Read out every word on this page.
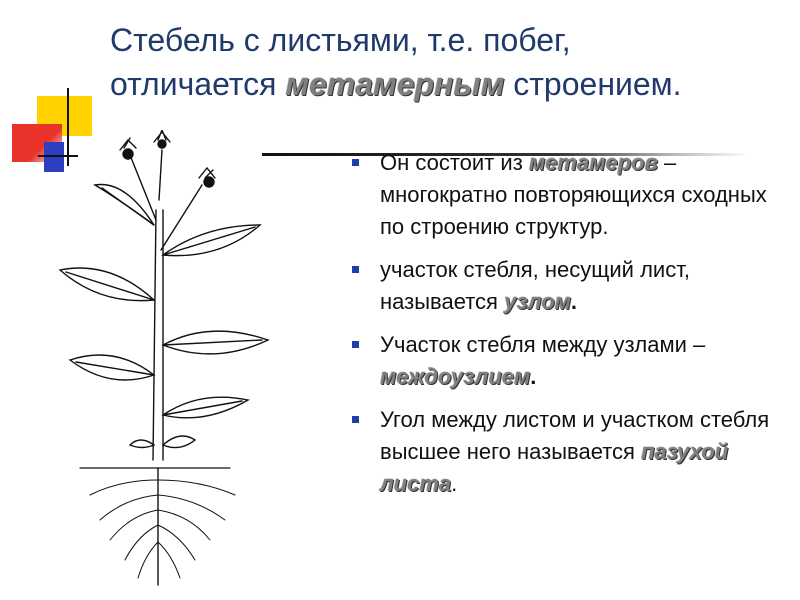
Стебель с листьями, т.е. побег,
отличается метамерным строением.
Он состоит из метамеров – многократно повторяющихся сходных по строению структур.
участок стебля, несущий лист, называется узлом.
Участок стебля между узлами – междоузлием.
Угол между листом и участком стебля высшее него называется пазухой листа.
